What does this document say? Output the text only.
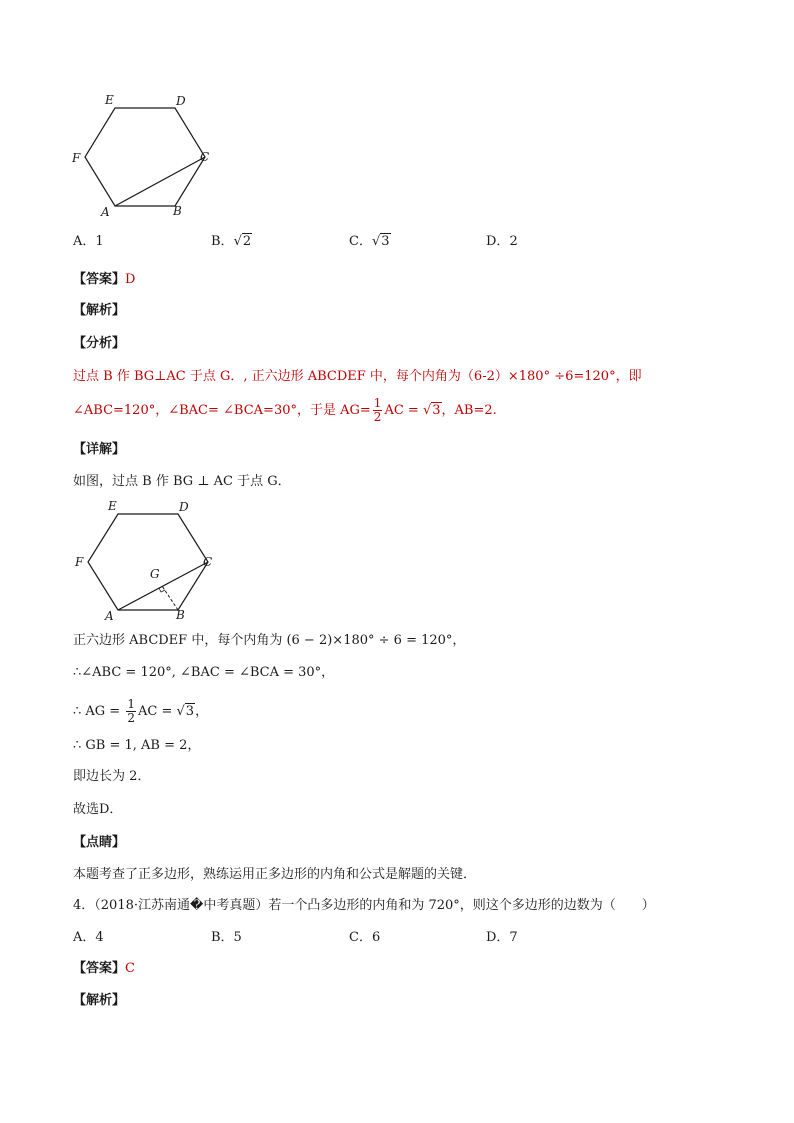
E	D
F	C
A	B
A．1	B．√2	C．√3	D．2
【答案】D
【解析】
【分析】
过点 B 作 BG⊥AC 于点 G．, 正六边形 ABCDEF 中，每个内角为（6-2）×180° ÷6=120°，即
∠ABC=120°，∠BAC= ∠BCA=30°，于是 $AG= \frac{1}{2}$ AC = √3，AB=2.
【详解】
如图，过点 B 作 BG ⊥ AC 于点 G．
E	D
F
G
C
A	B
正六边形 ABCDEF 中，每个内角为 (6 − 2)×180° ÷ 6 = 120°，
∴∠ABC = 120°, ∠BAC = ∠BCA = 30°，
∴ AG = $\frac{1}{2}$ AC = √3，
∴ GB = 1, AB = 2，
即边长为 2．
故选D．
【点睛】
本题考查了正多边形，熟练运用正多边形的内角和公式是解题的关键．
4．（2018·江苏南通�中考真题）若一个凸多边形的内角和为 720°，则这个多边形的边数为（　　）
A．4	B．5	C．6	D．7
【答案】C
【解析】
